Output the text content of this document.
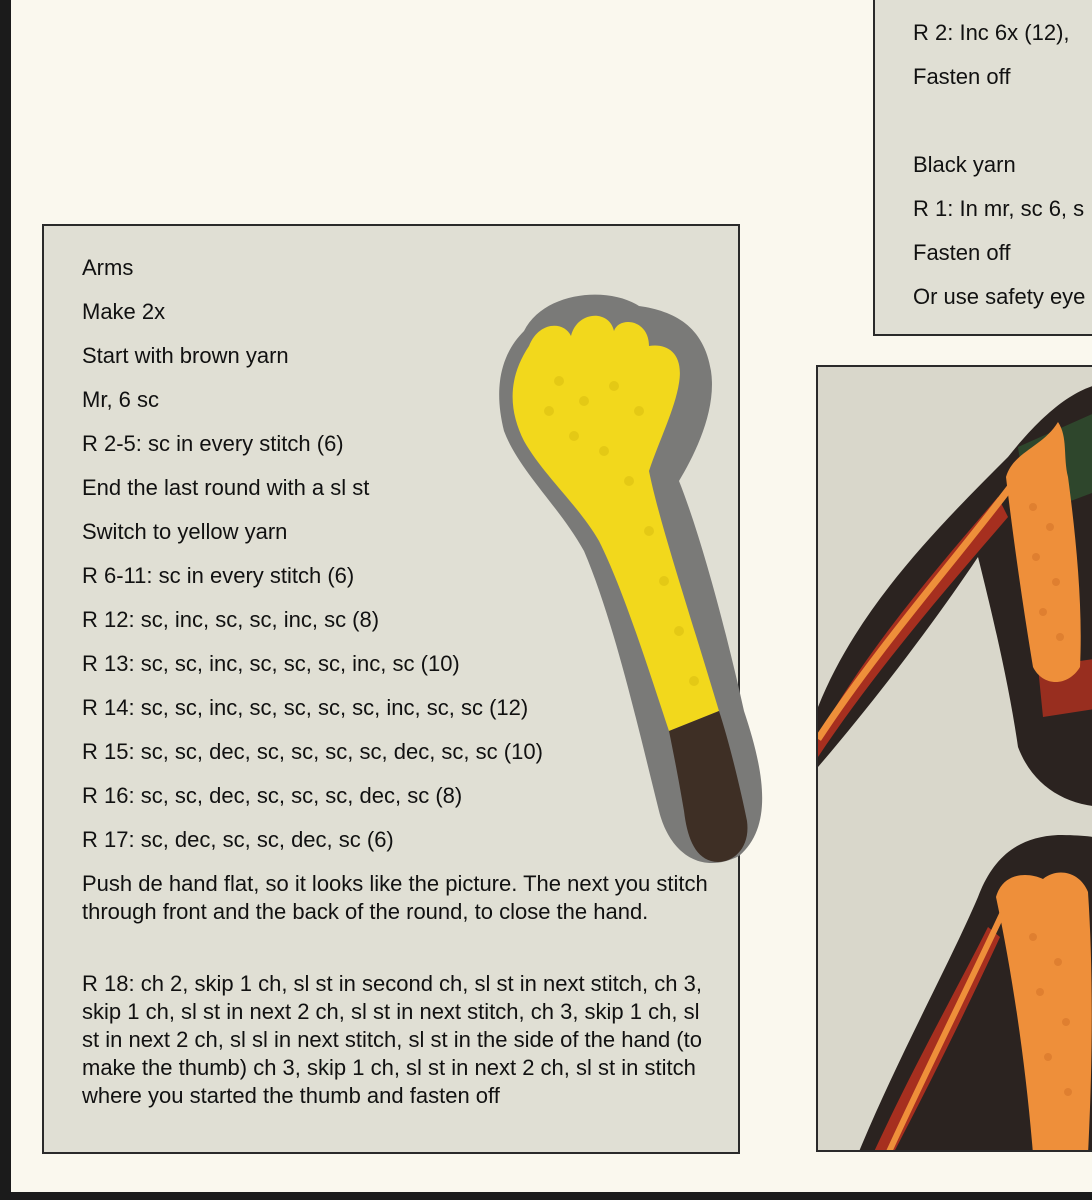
R 2: Inc 6x (12),
Fasten off
Black yarn
R 1: In mr, sc 6, s
Fasten off
Or use safety eye
Arms
Make 2x
Start with brown yarn
Mr, 6 sc
R 2-5: sc in every stitch (6)
End the last round with a sl st
Switch to yellow yarn
R 6-11: sc in every stitch (6)
R 12: sc, inc, sc, sc, inc, sc (8)
R 13: sc, sc, inc, sc, sc, sc, inc, sc (10)
R 14: sc, sc, inc, sc, sc, sc, sc, inc, sc, sc (12)
R 15: sc, sc, dec, sc, sc, sc, sc, dec, sc, sc (10)
R 16: sc, sc, dec, sc, sc, sc, dec, sc (8)
R 17: sc, dec, sc, sc, dec, sc (6)
Push de hand flat, so it looks like the picture. The next you stitch through front and the back of the round, to close the hand.
R 18: ch 2, skip 1 ch, sl st in second ch, sl st in next stitch, ch 3, skip 1 ch, sl st in next 2 ch, sl st in next stitch, ch 3, skip 1 ch, sl st in next 2 ch, sl sl in next stitch, sl st in the side of the hand (to make the thumb) ch 3, skip 1 ch, sl st in next 2 ch, sl st in stitch where you started the thumb and fasten off
